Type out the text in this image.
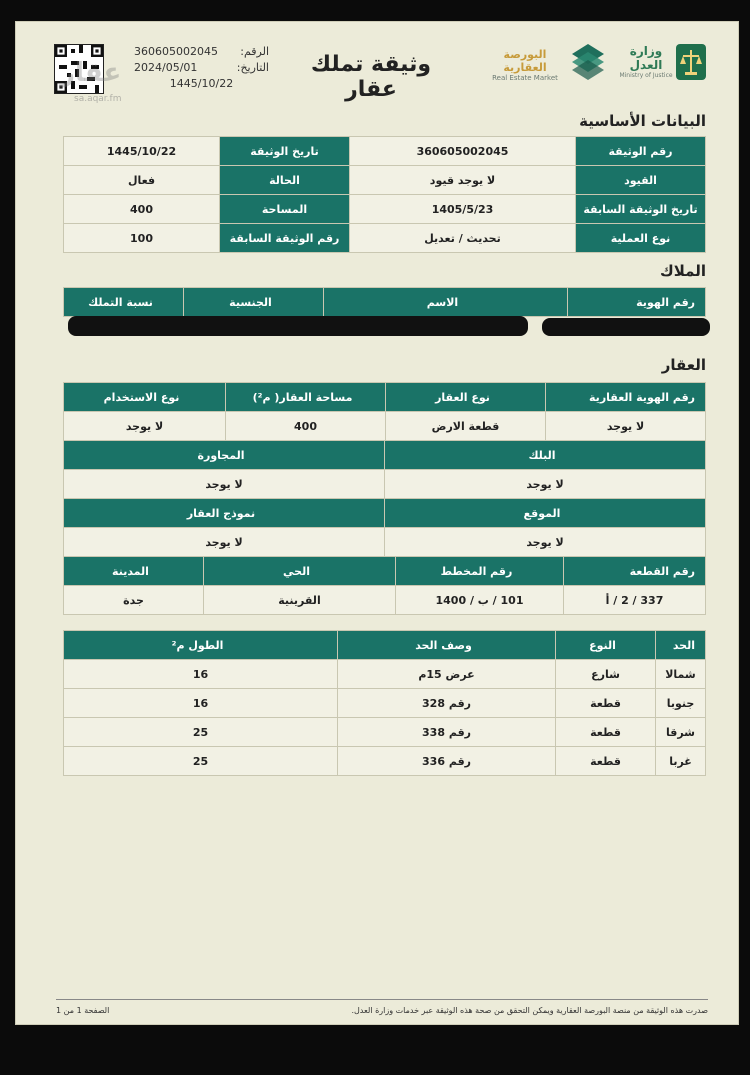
عقار
sa.aqar.fm
الرقم:
360605002045
التاريخ:
2024/05/01
1445/10/22
وثيقة تملك عقار
البورصة العقارية
Real Estate Market
وزارة العدل
Ministry of Justice
البيانات الأساسية
رقم الوثيقة	360605002045	تاريخ الوثيقة	1445/10/22
القيود	لا يوجد قيود	الحالة	فعال
تاريخ الوثيقة السابقة	1405/5/23	المساحة	400
نوع العملية	تحديث / تعديل	رقم الوثيقة السابقة	100
الملاك
رقم الهوية	الاسم	الجنسية	نسبة التملك
العقار
رقم الهوية العقارية	نوع العقار	مساحة العقار( م²)	نوع الاستخدام
لا يوجد	قطعة الارض	400	لا يوجد
البلك	المجاورة
لا يوجد	لا يوجد
الموقع	نموذج العقار
لا يوجد	لا يوجد
رقم القطعة	رقم المخطط	الحي	المدينة
337 / 2 / أ	101 / ب / 1400	القرينية	جدة
الحد	النوع	وصف الحد	الطول م²
شمالا	شارع	عرض 15م	16
جنوبا	قطعة	رقم 328	16
شرقا	قطعة	رقم 338	25
غربا	قطعة	رقم 336	25
صدرت هذه الوثيقة من منصة البورصة العقارية ويمكن التحقق من صحة هذه الوثيقة عبر خدمات وزارة العدل.
الصفحة 1 من 1
